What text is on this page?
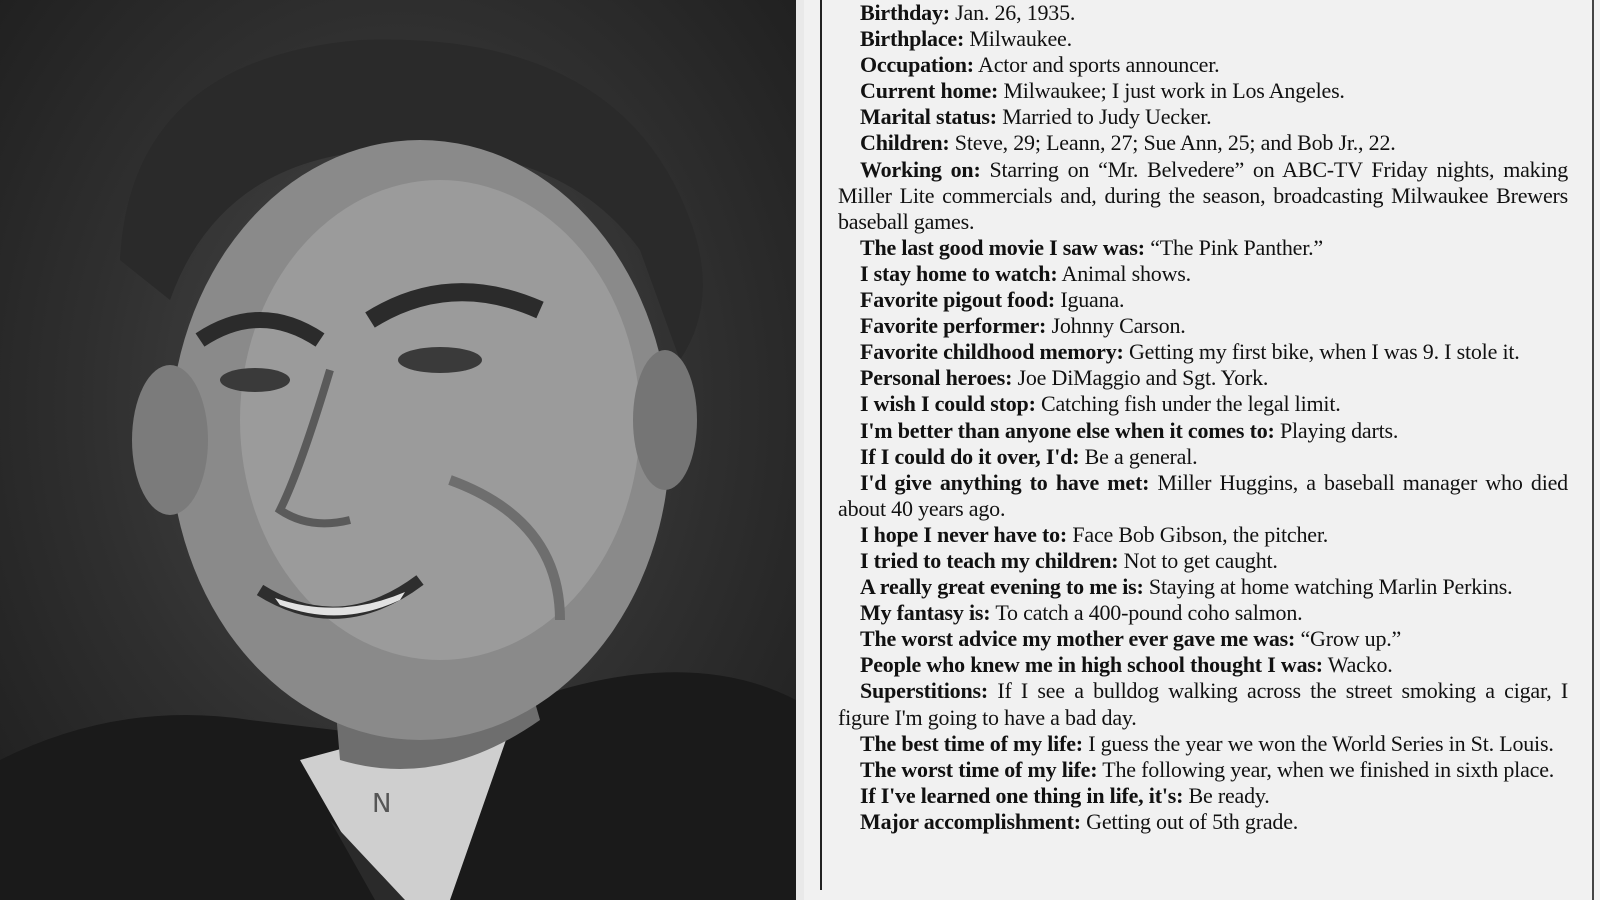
N

Birthday: Jan. 26, 1935.

Birthplace: Milwaukee.

Occupation: Actor and sports announcer.

Current home: Milwaukee; I just work in Los Angeles.

Marital status: Married to Judy Uecker.

Children: Steve, 29; Leann, 27; Sue Ann, 25; and Bob Jr., 22.

Working on: Starring on “Mr. Belvedere” on ABC-TV Friday nights, making Miller Lite commercials and, during the season, broadcasting Milwaukee Brewers baseball games.

The last good movie I saw was: “The Pink Panther.”

I stay home to watch: Animal shows.

Favorite pigout food: Iguana.

Favorite performer: Johnny Carson.

Favorite childhood memory: Getting my first bike, when I was 9. I stole it.

Personal heroes: Joe DiMaggio and Sgt. York.

I wish I could stop: Catching fish under the legal limit.

I'm better than anyone else when it comes to: Playing darts.

If I could do it over, I'd: Be a general.

I'd give anything to have met: Miller Huggins, a baseball manager who died about 40 years ago.

I hope I never have to: Face Bob Gibson, the pitcher.

I tried to teach my children: Not to get caught.

A really great evening to me is: Staying at home watching Marlin Perkins.

My fantasy is: To catch a 400-pound coho salmon.

The worst advice my mother ever gave me was: “Grow up.”

People who knew me in high school thought I was: Wacko.

Superstitions: If I see a bulldog walking across the street smoking a cigar, I figure I'm going to have a bad day.

The best time of my life: I guess the year we won the World Series in St. Louis.

The worst time of my life: The following year, when we finished in sixth place.

If I've learned one thing in life, it's: Be ready.

Major accomplishment: Getting out of 5th grade.
